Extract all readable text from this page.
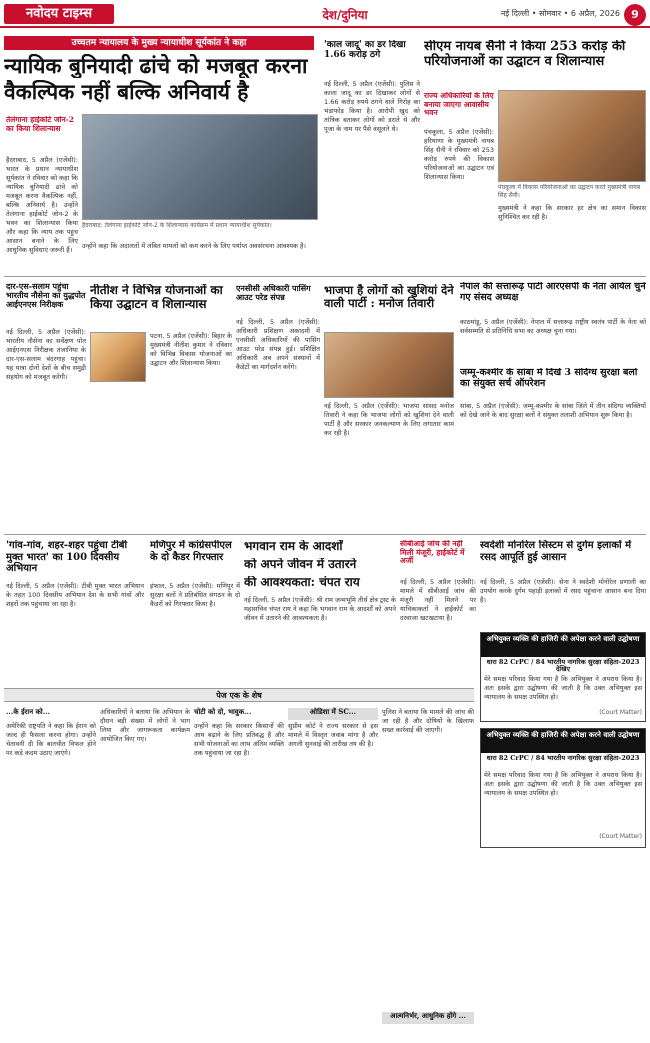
नवोदय टाइम्स	देश/दुनिया	नई दिल्ली • सोमवार • 6 अप्रैल, 2026	9
उच्चतम न्यायालय के मुख्य न्यायाधीश सूर्यकांत ने कहा
न्यायिक बुनियादी ढांचे को मजबूत करना
वैकल्पिक नहीं बल्कि अनिवार्य है
तेलंगाना हाईकोर्ट जोन-2 का किया शिलान्यास
हैदराबाद, 5 अप्रैल (एजेंसी): भारत के प्रधान न्यायाधीश सूर्यकांत ने रविवार को कहा कि न्यायिक बुनियादी ढांचे को मजबूत करना वैकल्पिक नहीं, बल्कि अनिवार्य है। उन्होंने तेलंगाना हाईकोर्ट जोन-2 के भवन का शिलान्यास किया और कहा कि न्याय तक पहुंच आसान बनाने के लिए आधुनिक सुविधाएं जरूरी हैं।
हैदराबाद: तेलंगाना हाईकोर्ट जोन-2 के शिलान्यास कार्यक्रम में प्रधान न्यायाधीश सूर्यकांत।
उन्होंने कहा कि अदालतों में लंबित मामलों को कम करने के लिए पर्याप्त अवसंरचना आवश्यक है।
'काल जादू' का डर दिखा 1.66 करोड़ ठगे
नई दिल्ली, 5 अप्रैल (एजेंसी): पुलिस ने काला जादू का डर दिखाकर लोगों से 1.66 करोड़ रुपये ठगने वाले गिरोह का भंडाफोड़ किया है। आरोपी खुद को तांत्रिक बताकर लोगों को डराते थे और पूजा के नाम पर पैसे वसूलते थे।
सीएम नायब सैनी ने किया 253 करोड़ की परियोजनाओं का उद्घाटन व शिलान्यास
राज्य अधिकारियों के लिए बनाया जाएगा आवासीय भवन
पंचकूला, 5 अप्रैल (एजेंसी): हरियाणा के मुख्यमंत्री नायब सिंह सैनी ने रविवार को 253 करोड़ रुपये की विकास परियोजनाओं का उद्घाटन एवं शिलान्यास किया।
पंचकूला में विकास परियोजनाओं का उद्घाटन करते मुख्यमंत्री नायब सिंह सैनी।
मुख्यमंत्री ने कहा कि सरकार हर क्षेत्र का समान विकास सुनिश्चित कर रही है।
दार-एस-सलाम पहुंचा भारतीय नौसेना का युद्धपोत आईएनएस निरीक्षक
नई दिल्ली, 5 अप्रैल (एजेंसी): भारतीय नौसेना का सर्वेक्षण पोत आईएनएस निरीक्षक तंजानिया के दार-एस-सलाम बंदरगाह पहुंचा। यह यात्रा दोनों देशों के बीच समुद्री सहयोग को मजबूत करेगी।
नीतीश ने विभिन्न योजनाओं का किया उद्घाटन व शिलान्यास
पटना, 5 अप्रैल (एजेंसी): बिहार के मुख्यमंत्री नीतीश कुमार ने रविवार को विभिन्न विकास योजनाओं का उद्घाटन और शिलान्यास किया।
एनसीसी अधिकारी पासिंग आउट परेड संपन्न
नई दिल्ली, 5 अप्रैल (एजेंसी): अधिकारी प्रशिक्षण अकादमी में एनसीसी अधिकारियों की पासिंग आउट परेड संपन्न हुई। प्रशिक्षित अधिकारी अब अपने संस्थानों में कैडेटों का मार्गदर्शन करेंगे।
भाजपा है लोगों को खुशियां देने वाली पार्टी : मनोज तिवारी
नई दिल्ली, 5 अप्रैल (एजेंसी): भाजपा सांसद मनोज तिवारी ने कहा कि भाजपा लोगों को खुशियां देने वाली पार्टी है और सरकार जनकल्याण के लिए लगातार काम कर रही है।
नेपाल की सत्तारूढ़ पार्टी आरएसपी के नेता आर्यल चुने गए संसद अध्यक्ष
काठमांडू, 5 अप्रैल (एजेंसी): नेपाल में सत्तारूढ़ राष्ट्रीय स्वतंत्र पार्टी के नेता को सर्वसम्मति से प्रतिनिधि सभा का अध्यक्ष चुना गया।
जम्मू-कश्मीर के सांबा में दिखे 3 संदिग्ध सुरक्षा बलों का संयुक्त सर्च ऑपरेशन
सांबा, 5 अप्रैल (एजेंसी): जम्मू-कश्मीर के सांबा जिले में तीन संदिग्ध व्यक्तियों को देखे जाने के बाद सुरक्षा बलों ने संयुक्त तलाशी अभियान शुरू किया है।
'गांव-गांव, शहर-शहर पहुंचा टीबी मुक्त भारत' का 100 दिवसीय अभियान
नई दिल्ली, 5 अप्रैल (एजेंसी): टीबी मुक्त भारत अभियान के तहत 100 दिवसीय अभियान देश के सभी गांवों और शहरों तक पहुंचाया जा रहा है।
मणिपुर में कांग्रेसपीएल के दो कैडर गिरफ्तार
इंफाल, 5 अप्रैल (एजेंसी): मणिपुर में सुरक्षा बलों ने प्रतिबंधित संगठन के दो कैडरों को गिरफ्तार किया है।
भगवान राम के आदर्शों
को अपने जीवन में उतारने
की आवश्यकता: चंपत राय
नई दिल्ली, 5 अप्रैल (एजेंसी): श्री राम जन्मभूमि तीर्थ क्षेत्र ट्रस्ट के महासचिव चंपत राय ने कहा कि भगवान राम के आदर्शों को अपने जीवन में उतारने की आवश्यकता है।
सीबीआई जांच की नहीं मिली मंजूरी, हाईकोर्ट में अर्जी
नई दिल्ली, 5 अप्रैल (एजेंसी): मामले में सीबीआई जांच की मंजूरी नहीं मिलने पर याचिकाकर्ता ने हाईकोर्ट का दरवाजा खटखटाया है।
स्वदेशी मोनोरेल सिस्टम से दुर्गम इलाकों में रसद आपूर्ति हुई आसान
नई दिल्ली, 5 अप्रैल (एजेंसी): सेना ने स्वदेशी मोनोरेल प्रणाली का उपयोग करके दुर्गम पहाड़ी इलाकों में रसद पहुंचाना आसान बना दिया है।
अभियुक्त व्यक्ति की हाजिरी की अपेक्षा करने वाली उद्घोषणा
धारा 82 CrPC / 84 भारतीय नागरिक सुरक्षा संहिता-2023 देखिए
मेरे समक्ष परिवाद किया गया है कि अभियुक्त ने अपराध किया है। अतः इसके द्वारा उद्घोषणा की जाती है कि उक्त अभियुक्त इस न्यायालय के समक्ष उपस्थित हो।
(Court Matter)
पेज एक के शेष
...के ईरान को...
अमेरिकी राष्ट्रपति ने कहा कि ईरान को जल्द ही फैसला करना होगा। उन्होंने चेतावनी दी कि बातचीत विफल होने पर कड़े कदम उठाए जाएंगे।
अधिकारियों ने बताया कि अभियान के दौरान बड़ी संख्या में लोगों ने भाग लिया और जागरूकता कार्यक्रम आयोजित किए गए।
चोटी को दो, भावुक...
उन्होंने कहा कि सरकार किसानों की आय बढ़ाने के लिए प्रतिबद्ध है और सभी योजनाओं का लाभ अंतिम व्यक्ति तक पहुंचाया जा रहा है।
ओडिशा में SC...
सुप्रीम कोर्ट ने राज्य सरकार से इस मामले में विस्तृत जवाब मांगा है और अगली सुनवाई की तारीख तय की है।
पुलिस ने बताया कि मामले की जांच की जा रही है और दोषियों के खिलाफ सख्त कार्रवाई की जाएगी।
आत्मनिर्भर, आधुनिक होंगे ...
अभियुक्त व्यक्ति की हाजिरी की अपेक्षा करने वाली उद्घोषणा
धारा 82 CrPC / 84 भारतीय नागरिक सुरक्षा संहिता-2023
मेरे समक्ष परिवाद किया गया है कि अभियुक्त ने अपराध किया है। अतः इसके द्वारा उद्घोषणा की जाती है कि उक्त अभियुक्त इस न्यायालय के समक्ष उपस्थित हो।
(Court Matter)
